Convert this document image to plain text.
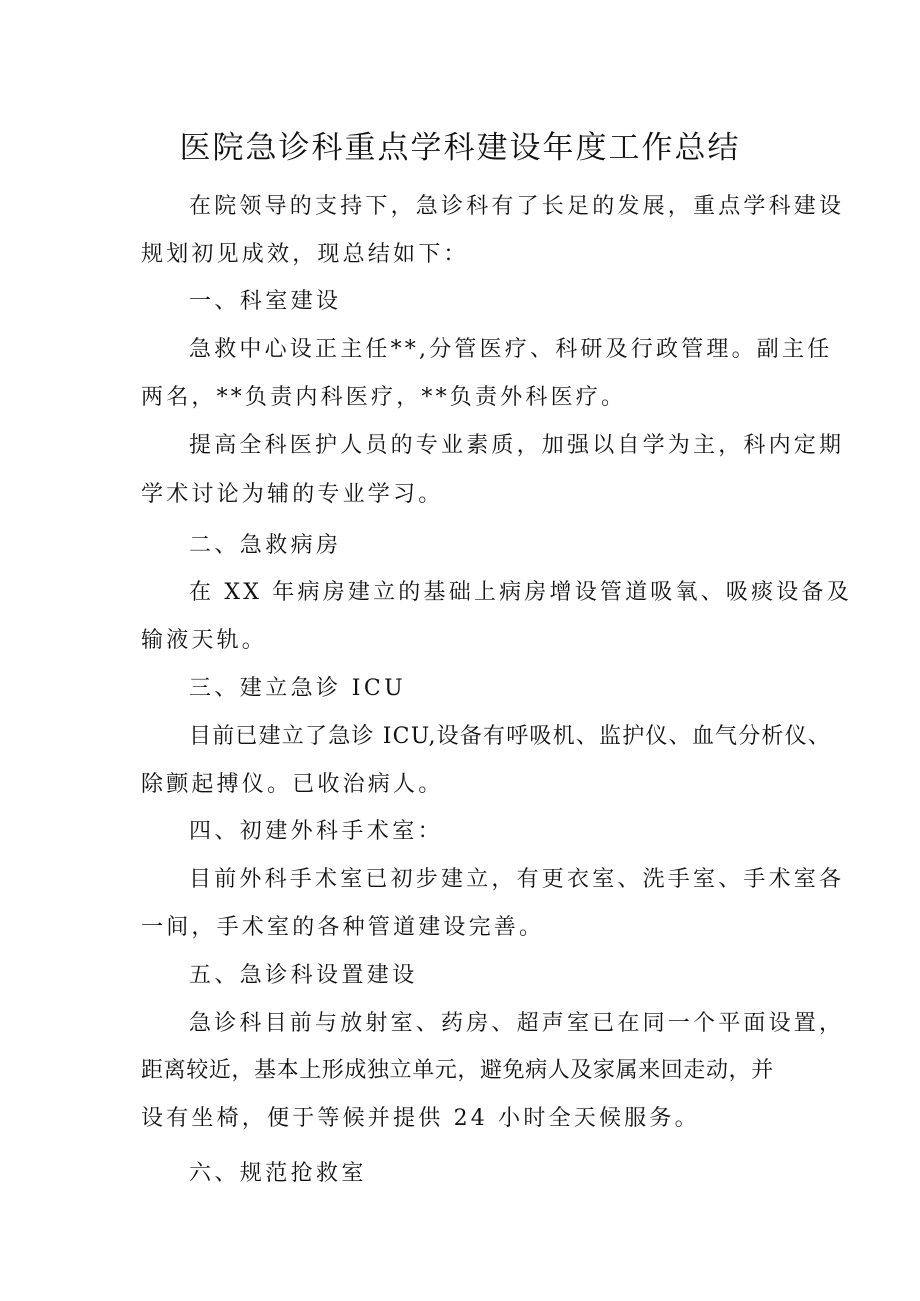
医院急诊科重点学科建设年度工作总结
在院领导的支持下，急诊科有了长足的发展，重点学科建设
规划初见成效，现总结如下：
一、科室建设
急救中心设正主任**,分管医疗、科研及行政管理。副主任
两名，**负责内科医疗，**负责外科医疗。
提高全科医护人员的专业素质，加强以自学为主，科内定期
学术讨论为辅的专业学习。
二、急救病房
在 XX 年病房建立的基础上病房增设管道吸氧、吸痰设备及
输液天轨。
三、建立急诊 ICU
目前已建立了急诊 ICU,设备有呼吸机、监护仪、血气分析仪、
除颤起搏仪。已收治病人。
四、初建外科手术室：
目前外科手术室已初步建立，有更衣室、洗手室、手术室各
一间，手术室的各种管道建设完善。
五、急诊科设置建设
急诊科目前与放射室、药房、超声室已在同一个平面设置，
距离较近，基本上形成独立单元，避免病人及家属来回走动，并
设有坐椅，便于等候并提供 24 小时全天候服务。
六、规范抢救室
